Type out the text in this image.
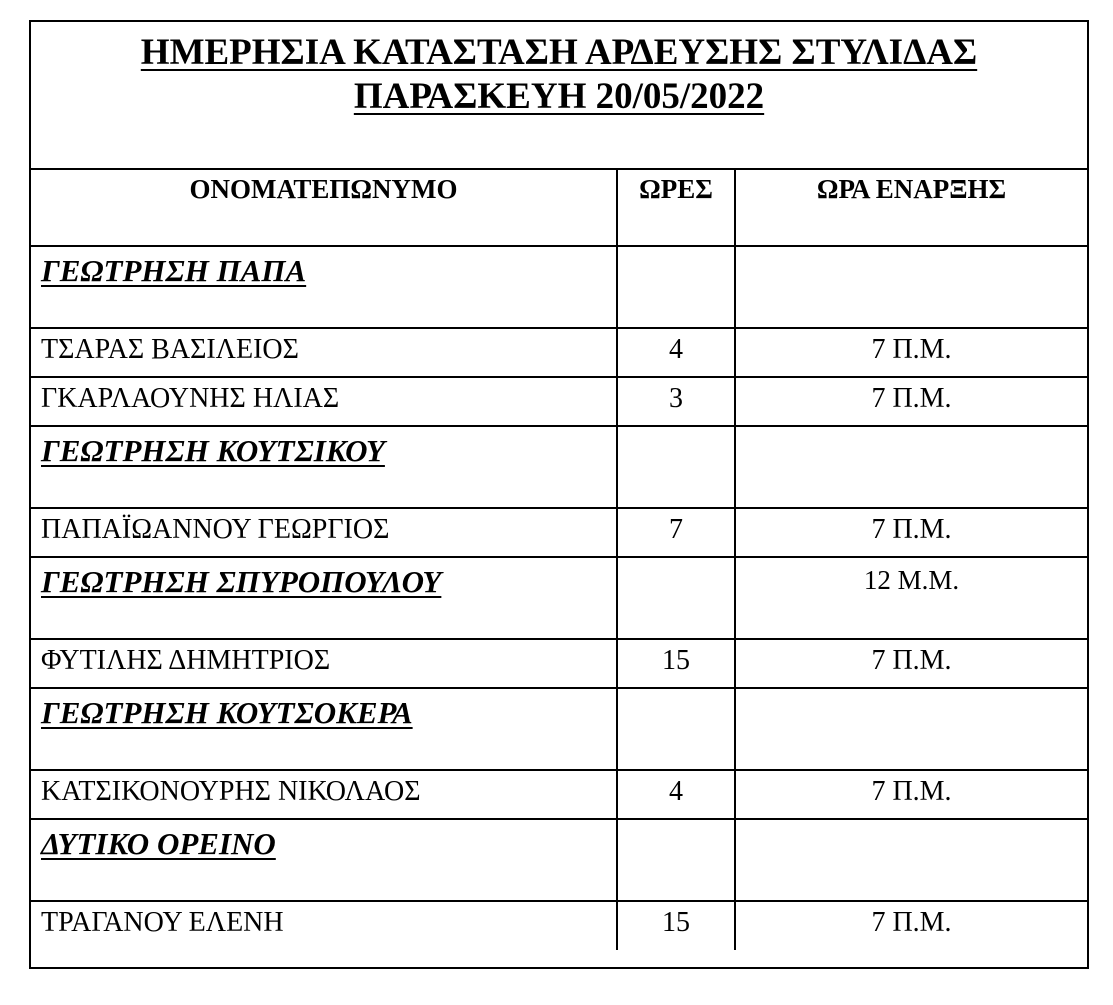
ΗΜΕΡΗΣΙΑ ΚΑΤΑΣΤΑΣΗ ΑΡΔΕΥΣΗΣ ΣΤΥΛΙΔΑΣ
ΠΑΡΑΣΚΕΥΗ 20/05/2022
ΟΝΟΜΑΤΕΠΩΝΥΜΟ	ΩΡΕΣ	ΩΡΑ ΕΝΑΡΞΗΣ
ΓΕΩΤΡΗΣΗ ΠΑΠΑ		
ΤΣΑΡΑΣ ΒΑΣΙΛΕΙΟΣ	4	7 Π.Μ.
ΓΚΑΡΛΑΟΥΝΗΣ ΗΛΙΑΣ	3	7 Π.Μ.
ΓΕΩΤΡΗΣΗ ΚΟΥΤΣΙΚΟΥ		
ΠΑΠΑΪΩΑΝΝΟΥ ΓΕΩΡΓΙΟΣ	7	7 Π.Μ.
ΓΕΩΤΡΗΣΗ ΣΠΥΡΟΠΟΥΛΟΥ		12 Μ.Μ.
ΦΥΤΙΛΗΣ ΔΗΜΗΤΡΙΟΣ	15	7 Π.Μ.
ΓΕΩΤΡΗΣΗ ΚΟΥΤΣΟΚΕΡΑ		
ΚΑΤΣΙΚΟΝΟΥΡΗΣ ΝΙΚΟΛΑΟΣ	4	7 Π.Μ.
ΔΥΤΙΚΟ ΟΡΕΙΝΟ		
ΤΡΑΓΑΝΟΥ ΕΛΕΝΗ	15	7 Π.Μ.
